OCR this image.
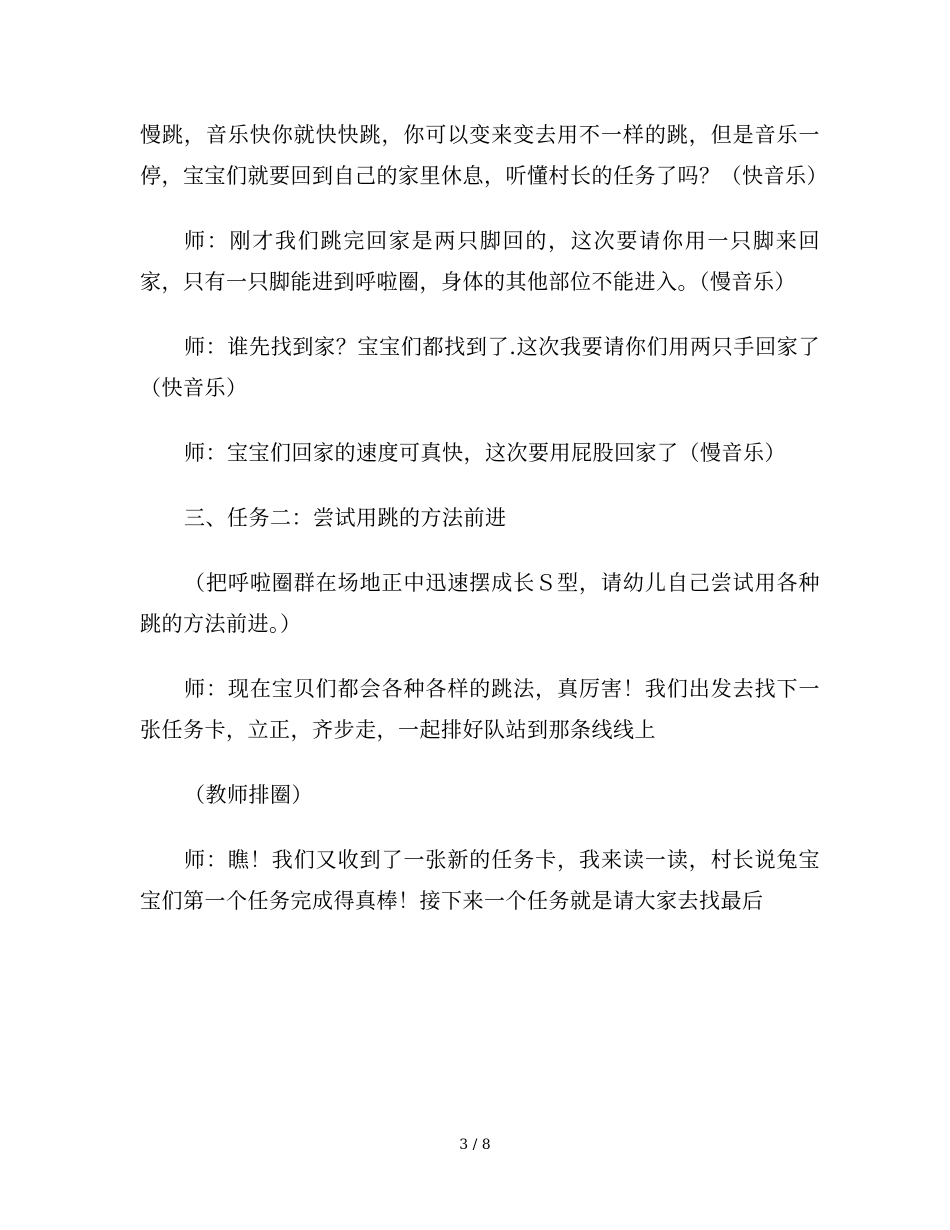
慢跳，音乐快你就快快跳，你可以变来变去用不一样的跳，但是音乐一停，宝宝们就要回到自己的家里休息，听懂村长的任务了吗？（快音乐）

师：刚才我们跳完回家是两只脚回的，这次要请你用一只脚来回家，只有一只脚能进到呼啦圈，身体的其他部位不能进入。（慢音乐）

师：谁先找到家？宝宝们都找到了.这次我要请你们用两只手回家了（快音乐）

师：宝宝们回家的速度可真快，这次要用屁股回家了（慢音乐）

三、任务二：尝试用跳的方法前进

（把呼啦圈群在场地正中迅速摆成长Ｓ型，请幼儿自己尝试用各种跳的方法前进。）

师：现在宝贝们都会各种各样的跳法，真厉害！我们出发去找下一张任务卡，立正，齐步走，一起排好队站到那条线线上

（教师排圈）

师：瞧！我们又收到了一张新的任务卡，我来读一读，村长说兔宝宝们第一个任务完成得真棒！接下来一个任务就是请大家去找最后

3 / 8
